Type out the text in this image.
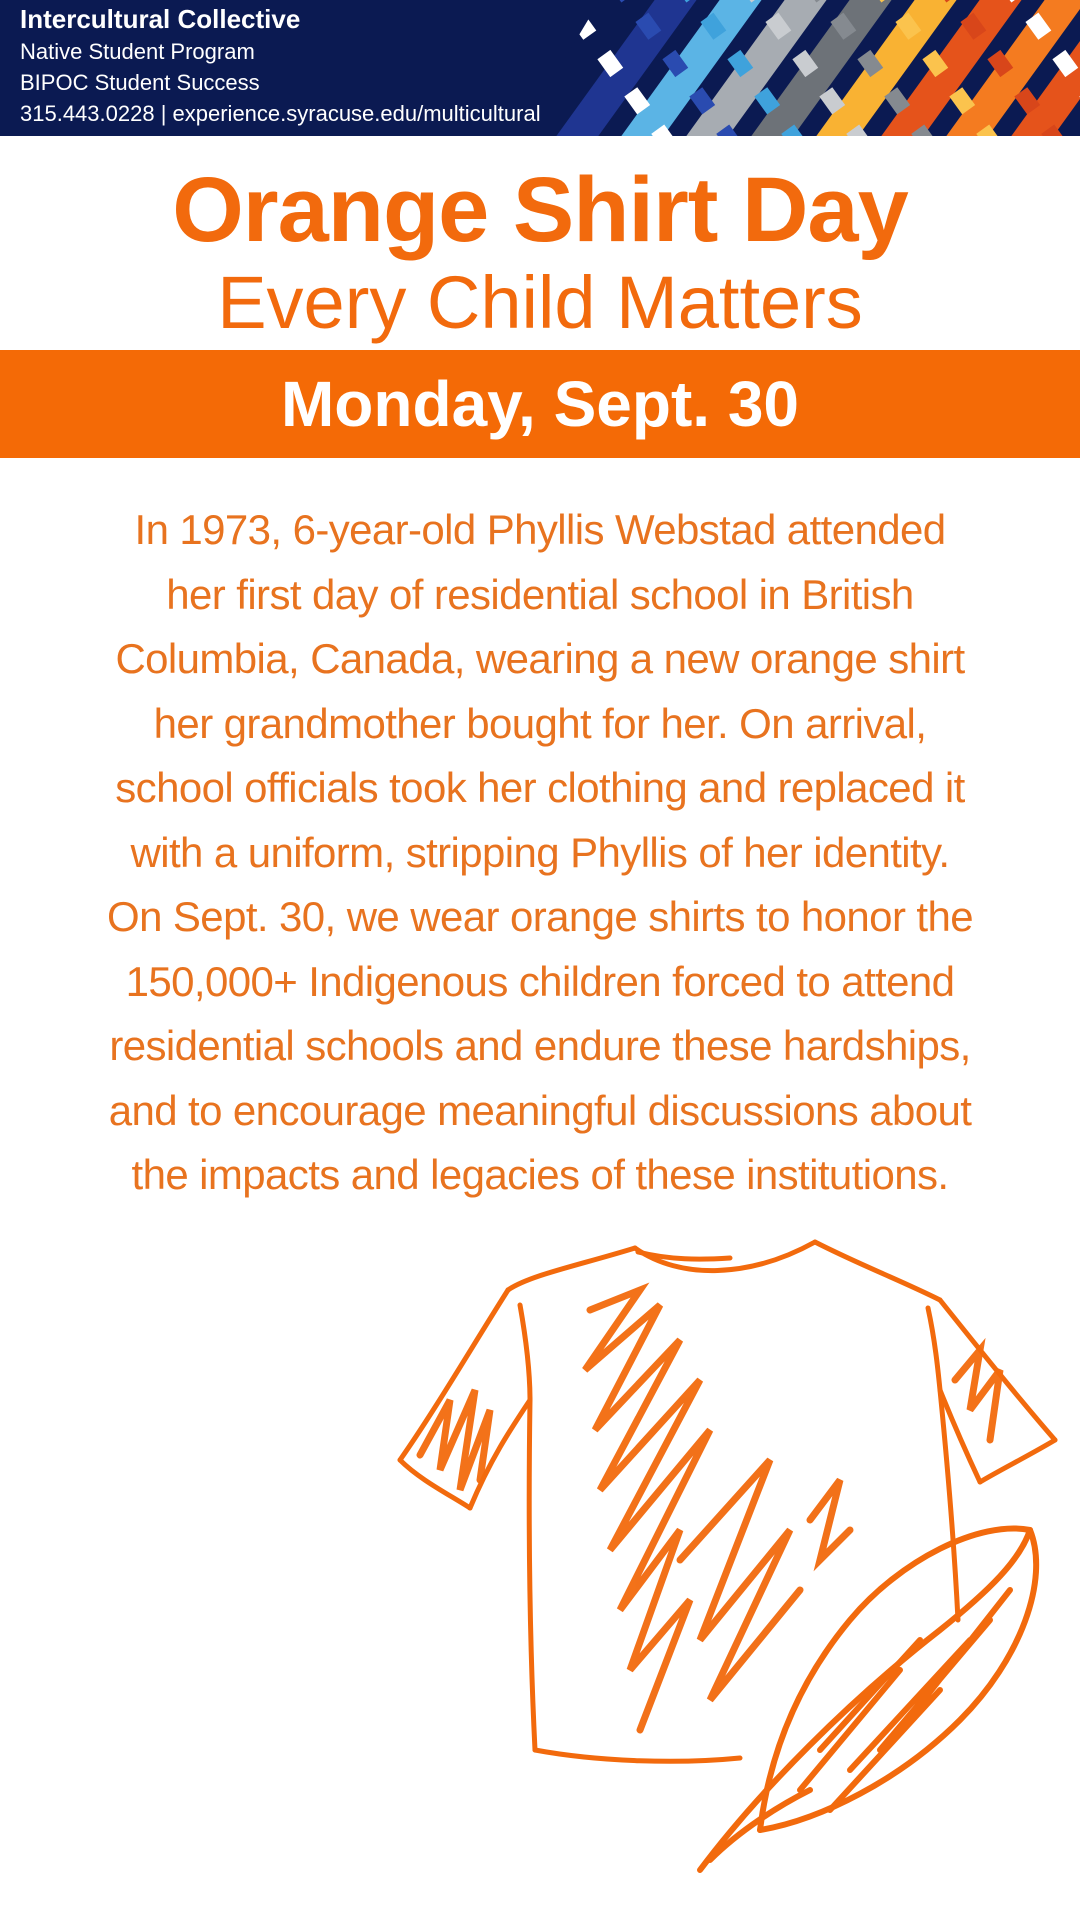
Intercultural Collective
Native Student Program
BIPOC Student Success
315.443.0228 | experience.syracuse.edu/multicultural
Orange Shirt Day
Every Child Matters
Monday, Sept. 30
In 1973, 6-year-old Phyllis Webstad attended
her first day of residential school in British
Columbia, Canada, wearing a new orange shirt
her grandmother bought for her. On arrival,
school officials took her clothing and replaced it
with a uniform, stripping Phyllis of her identity.
On Sept. 30, we wear orange shirts to honor the
150,000+ Indigenous children forced to attend
residential schools and endure these hardships,
and to encourage meaningful discussions about
the impacts and legacies of these institutions.
